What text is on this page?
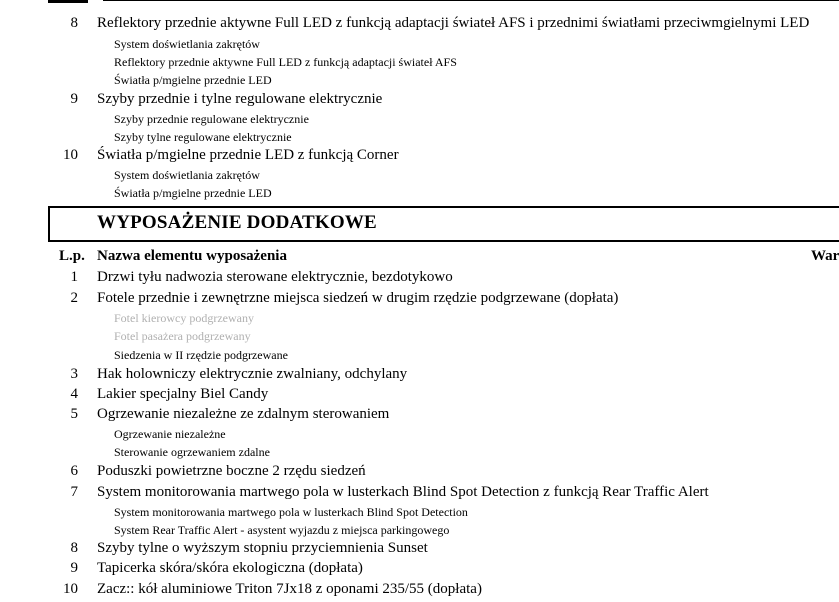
8 Reflektory przednie aktywne Full LED z funkcją adaptacji świateł AFS i przednimi światłami przeciwmgielnymi LED
System doświetlania zakrętów
Reflektory przednie aktywne Full LED z funkcją adaptacji świateł AFS
Światła p/mgielne przednie LED
9 Szyby przednie i tylne regulowane elektrycznie
Szyby przednie regulowane elektrycznie
Szyby tylne regulowane elektrycznie
10 Światła p/mgielne przednie LED z funkcją Corner
System doświetlania zakrętów
Światła p/mgielne przednie LED
WYPOSAŻENIE DODATKOWE
L.p. Nazwa elementu wyposażenia	War
1 Drzwi tyłu nadwozia sterowane elektrycznie, bezdotykowo
2 Fotele przednie i zewnętrzne miejsca siedzeń w drugim rzędzie podgrzewane (dopłata)
Fotel kierowcy podgrzewany
Fotel pasażera podgrzewany
Siedzenia w II rzędzie podgrzewane
3 Hak holowniczy elektrycznie zwalniany, odchylany
4 Lakier specjalny Biel Candy
5 Ogrzewanie niezależne ze zdalnym sterowaniem
Ogrzewanie niezależne
Sterowanie ogrzewaniem zdalne
6 Poduszki powietrzne boczne 2 rzędu siedzeń
7 System monitorowania martwego pola w lusterkach Blind Spot Detection z funkcją Rear Traffic Alert
System monitorowania martwego pola w lusterkach Blind Spot Detection
System Rear Traffic Alert - asystent wyjazdu z miejsca parkingowego
8 Szyby tylne o wyższym stopniu przyciemnienia Sunset
9 Tapicerka skóra/skóra ekologiczna (dopłata)
10 Zacz:: kół aluminiowe Triton 7Jx18 z oponami 235/55 (dopłata)
